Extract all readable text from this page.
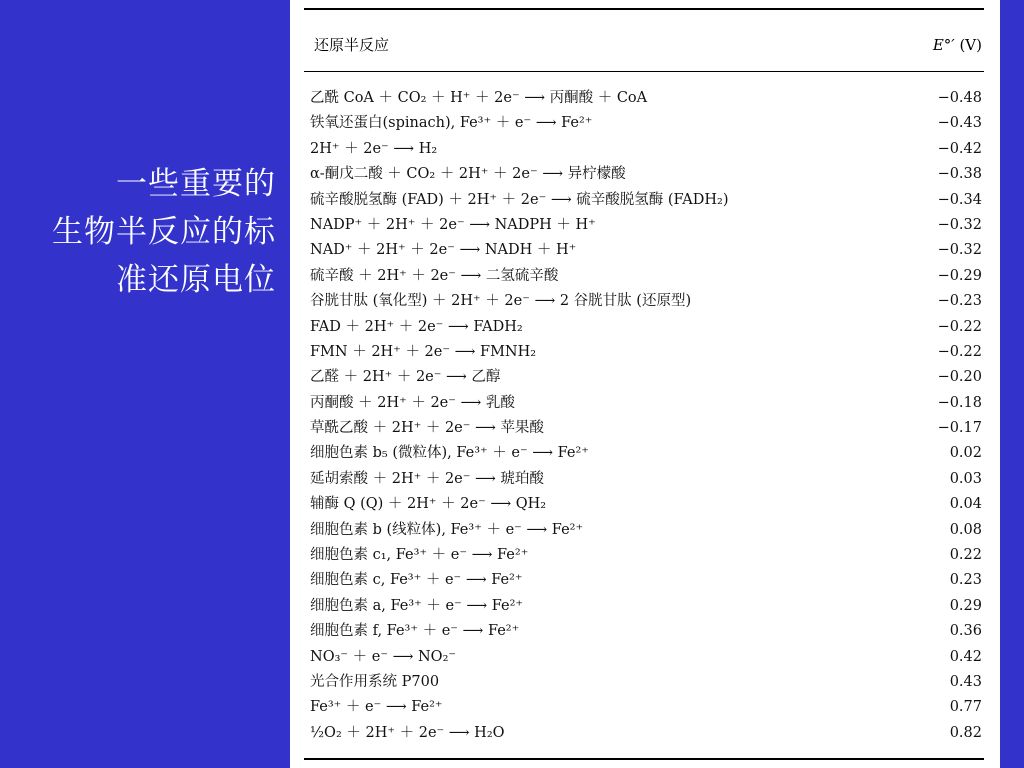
一些重要的
生物半反应的标
准还原电位
还原半反应	E°′ (V)
乙酰 CoA ＋ CO₂ ＋ H⁺ ＋ 2e⁻ ⟶ 丙酮酸 ＋ CoA	−0.48
铁氧还蛋白(spinach), Fe³⁺ ＋ e⁻ ⟶ Fe²⁺	−0.43
2H⁺ ＋ 2e⁻ ⟶ H₂	−0.42
α-酮戊二酸 ＋ CO₂ ＋ 2H⁺ ＋ 2e⁻ ⟶ 异柠檬酸	−0.38
硫辛酸脱氢酶 (FAD) ＋ 2H⁺ ＋ 2e⁻ ⟶ 硫辛酸脱氢酶 (FADH₂)	−0.34
NADP⁺ ＋ 2H⁺ ＋ 2e⁻ ⟶ NADPH ＋ H⁺	−0.32
NAD⁺ ＋ 2H⁺ ＋ 2e⁻ ⟶ NADH ＋ H⁺	−0.32
硫辛酸 ＋ 2H⁺ ＋ 2e⁻ ⟶ 二氢硫辛酸	−0.29
谷胱甘肽 (氧化型) ＋ 2H⁺ ＋ 2e⁻ ⟶ 2 谷胱甘肽 (还原型)	−0.23
FAD ＋ 2H⁺ ＋ 2e⁻ ⟶ FADH₂	−0.22
FMN ＋ 2H⁺ ＋ 2e⁻ ⟶ FMNH₂	−0.22
乙醛 ＋ 2H⁺ ＋ 2e⁻ ⟶ 乙醇	−0.20
丙酮酸 ＋ 2H⁺ ＋ 2e⁻ ⟶ 乳酸	−0.18
草酰乙酸 ＋ 2H⁺ ＋ 2e⁻ ⟶ 苹果酸	−0.17
细胞色素 b₅ (微粒体), Fe³⁺ ＋ e⁻ ⟶ Fe²⁺	0.02
延胡索酸 ＋ 2H⁺ ＋ 2e⁻ ⟶ 琥珀酸	0.03
辅酶 Q (Q) ＋ 2H⁺ ＋ 2e⁻ ⟶ QH₂	0.04
细胞色素 b (线粒体), Fe³⁺ ＋ e⁻ ⟶ Fe²⁺	0.08
细胞色素 c₁, Fe³⁺ ＋ e⁻ ⟶ Fe²⁺	0.22
细胞色素 c, Fe³⁺ ＋ e⁻ ⟶ Fe²⁺	0.23
细胞色素 a, Fe³⁺ ＋ e⁻ ⟶ Fe²⁺	0.29
细胞色素 f, Fe³⁺ ＋ e⁻ ⟶ Fe²⁺	0.36
NO₃⁻ ＋ e⁻ ⟶ NO₂⁻	0.42
光合作用系统 P700	0.43
Fe³⁺ ＋ e⁻ ⟶ Fe²⁺	0.77
½O₂ ＋ 2H⁺ ＋ 2e⁻ ⟶ H₂O	0.82
